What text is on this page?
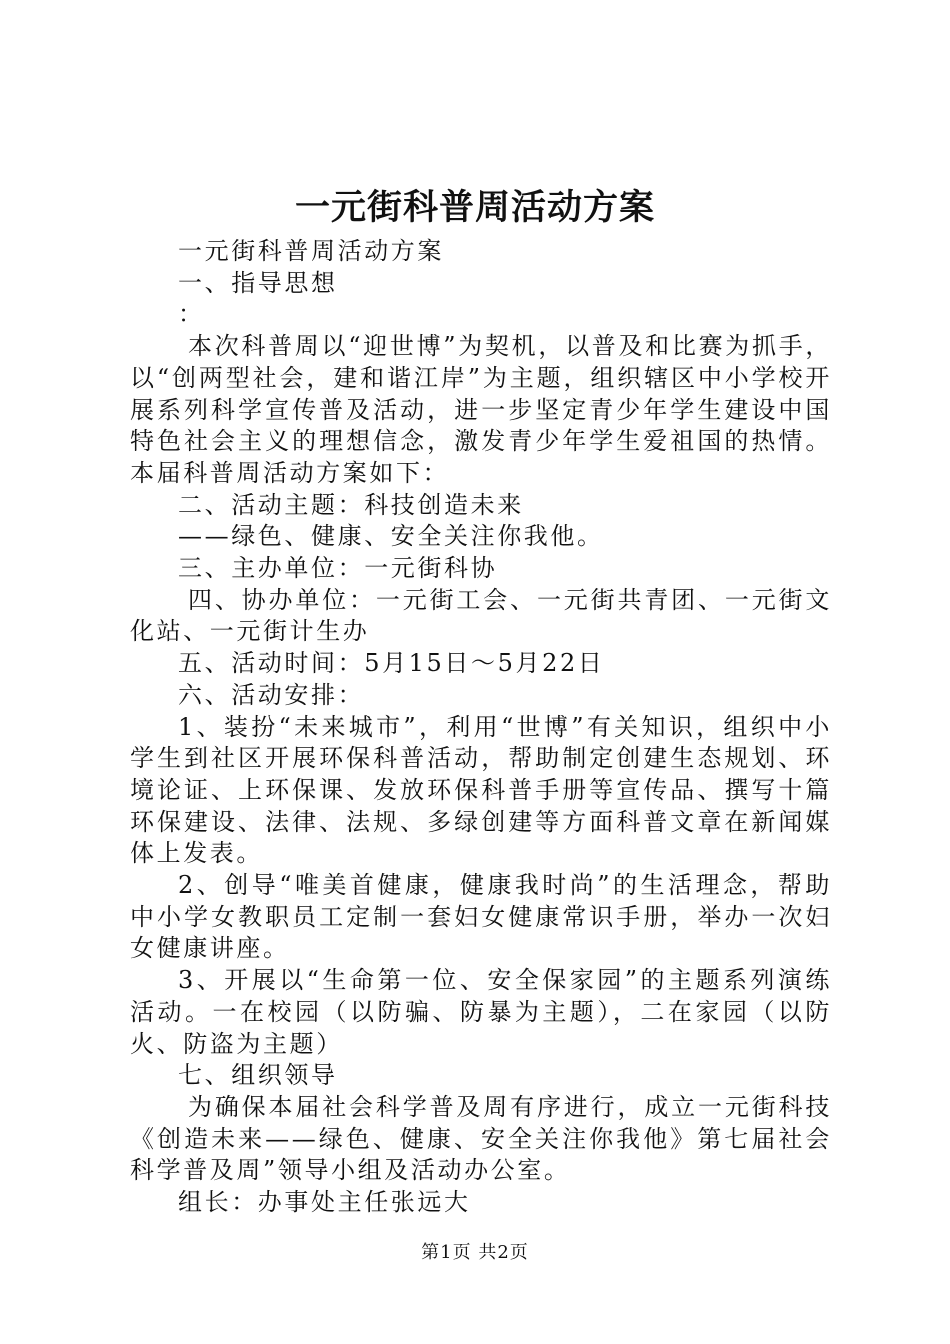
一元街科普周活动方案

一元街科普周活动方案

一、指导思想

：

本次科普周以“迎世博”为契机，以普及和比赛为抓手，以“创两型社会，建和谐江岸”为主题，组织辖区中小学校开展系列科学宣传普及活动，进一步坚定青少年学生建设中国特色社会主义的理想信念，激发青少年学生爱祖国的热情。本届科普周活动方案如下：

二、活动主题：科技创造未来

——绿色、健康、安全关注你我他。

三、主办单位：一元街科协

四、协办单位：一元街工会、一元街共青团、一元街文化站、一元街计生办

五、活动时间：5月15日～5月22日

六、活动安排：

1、装扮“未来城市”，利用“世博”有关知识，组织中小学生到社区开展环保科普活动，帮助制定创建生态规划、环境论证、上环保课、发放环保科普手册等宣传品、撰写十篇环保建设、法律、法规、多绿创建等方面科普文章在新闻媒体上发表。

2、创导“唯美首健康，健康我时尚”的生活理念，帮助中小学女教职员工定制一套妇女健康常识手册，举办一次妇女健康讲座。

3、开展以“生命第一位、安全保家园”的主题系列演练活动。一在校园（以防骗、防暴为主题），二在家园（以防火、防盗为主题）

七、组织领导

为确保本届社会科学普及周有序进行，成立一元街科技《创造未来——绿色、健康、安全关注你我他》第七届社会科学普及周”领导小组及活动办公室。

组长：办事处主任张远大

第1页 共2页
